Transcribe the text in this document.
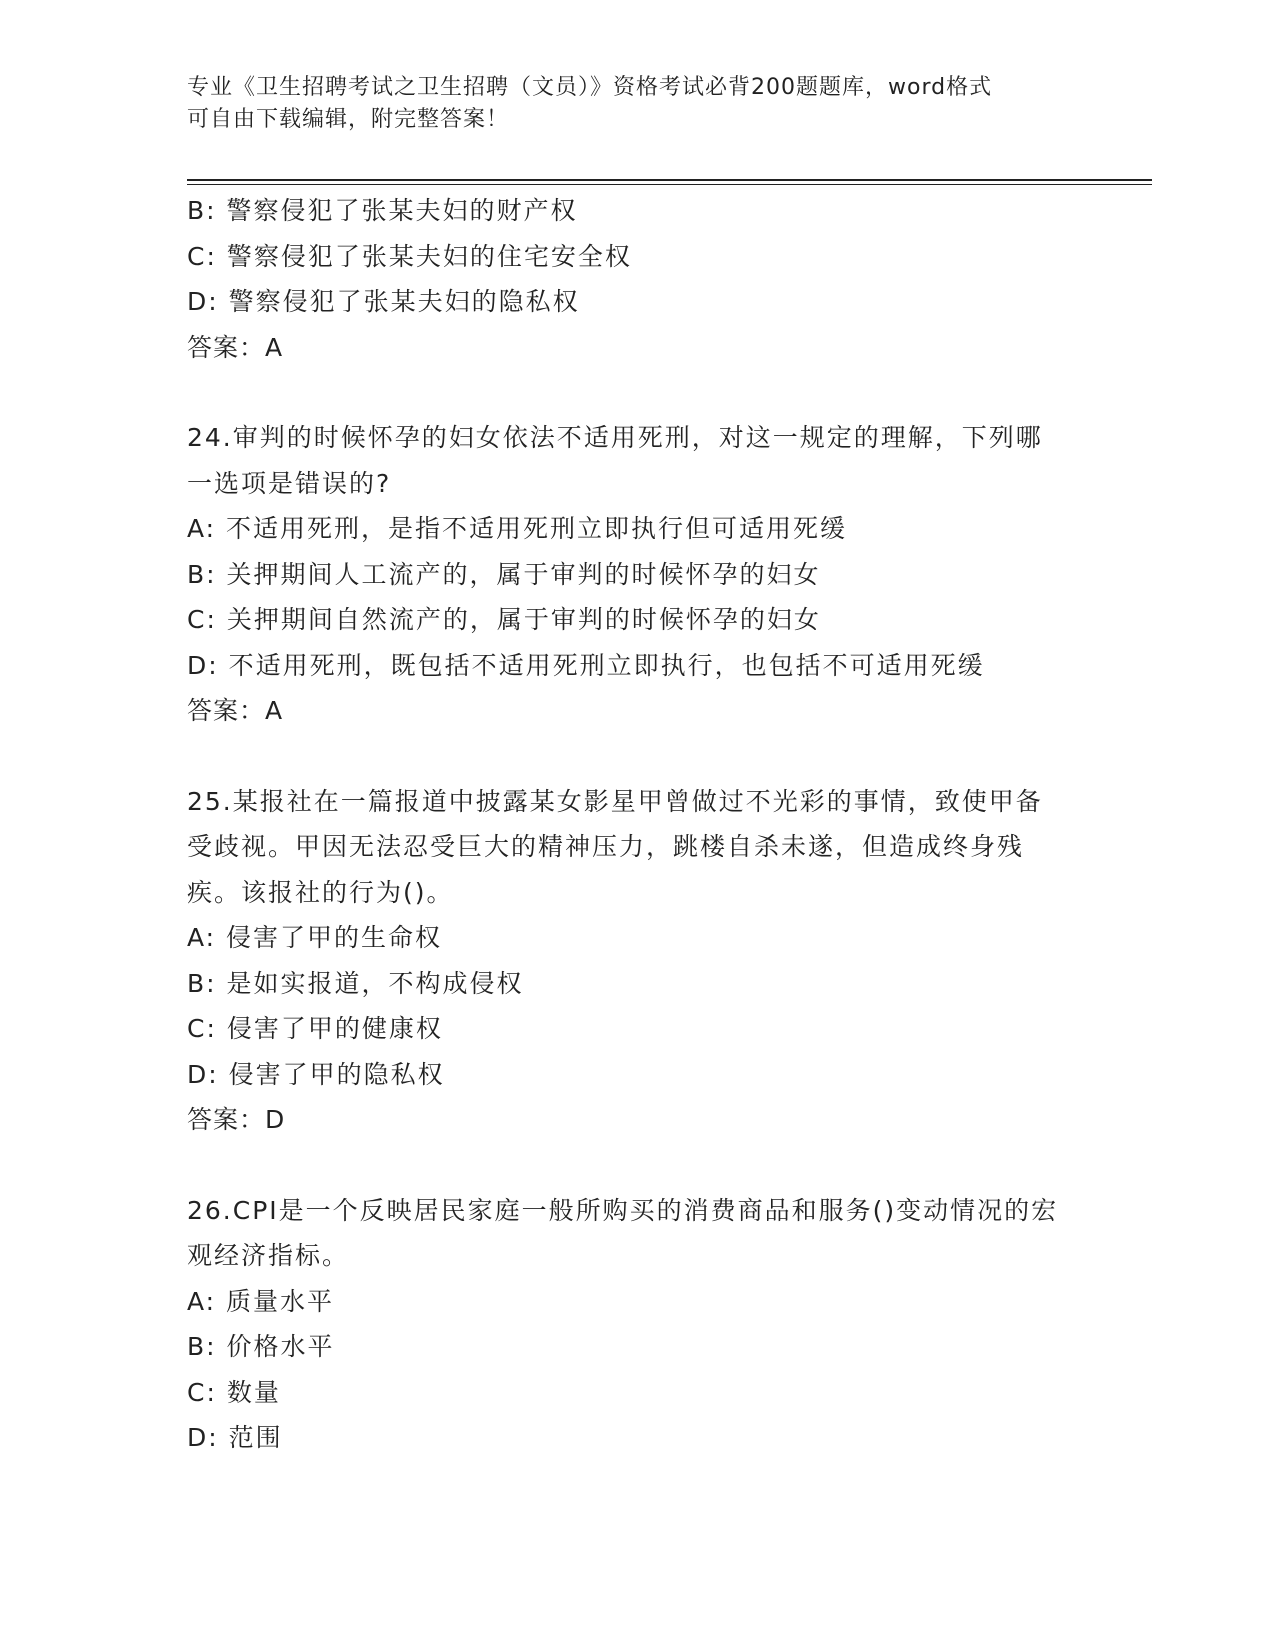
专业《卫生招聘考试之卫生招聘（文员）》资格考试必背200题题库，word格式
可自由下载编辑，附完整答案！
B: 警察侵犯了张某夫妇的财产权
C: 警察侵犯了张某夫妇的住宅安全权
D: 警察侵犯了张某夫妇的隐私权
答案：A
24.审判的时候怀孕的妇女依法不适用死刑，对这一规定的理解，下列哪一选项是错误的?
A: 不适用死刑，是指不适用死刑立即执行但可适用死缓
B: 关押期间人工流产的，属于审判的时候怀孕的妇女
C: 关押期间自然流产的，属于审判的时候怀孕的妇女
D: 不适用死刑，既包括不适用死刑立即执行，也包括不可适用死缓
答案：A
25.某报社在一篇报道中披露某女影星甲曾做过不光彩的事情，致使甲备受歧视。甲因无法忍受巨大的精神压力，跳楼自杀未遂，但造成终身残疾。该报社的行为()。
A: 侵害了甲的生命权
B: 是如实报道，不构成侵权
C: 侵害了甲的健康权
D: 侵害了甲的隐私权
答案：D
26.CPI是一个反映居民家庭一般所购买的消费商品和服务()变动情况的宏观经济指标。
A: 质量水平
B: 价格水平
C: 数量
D: 范围
